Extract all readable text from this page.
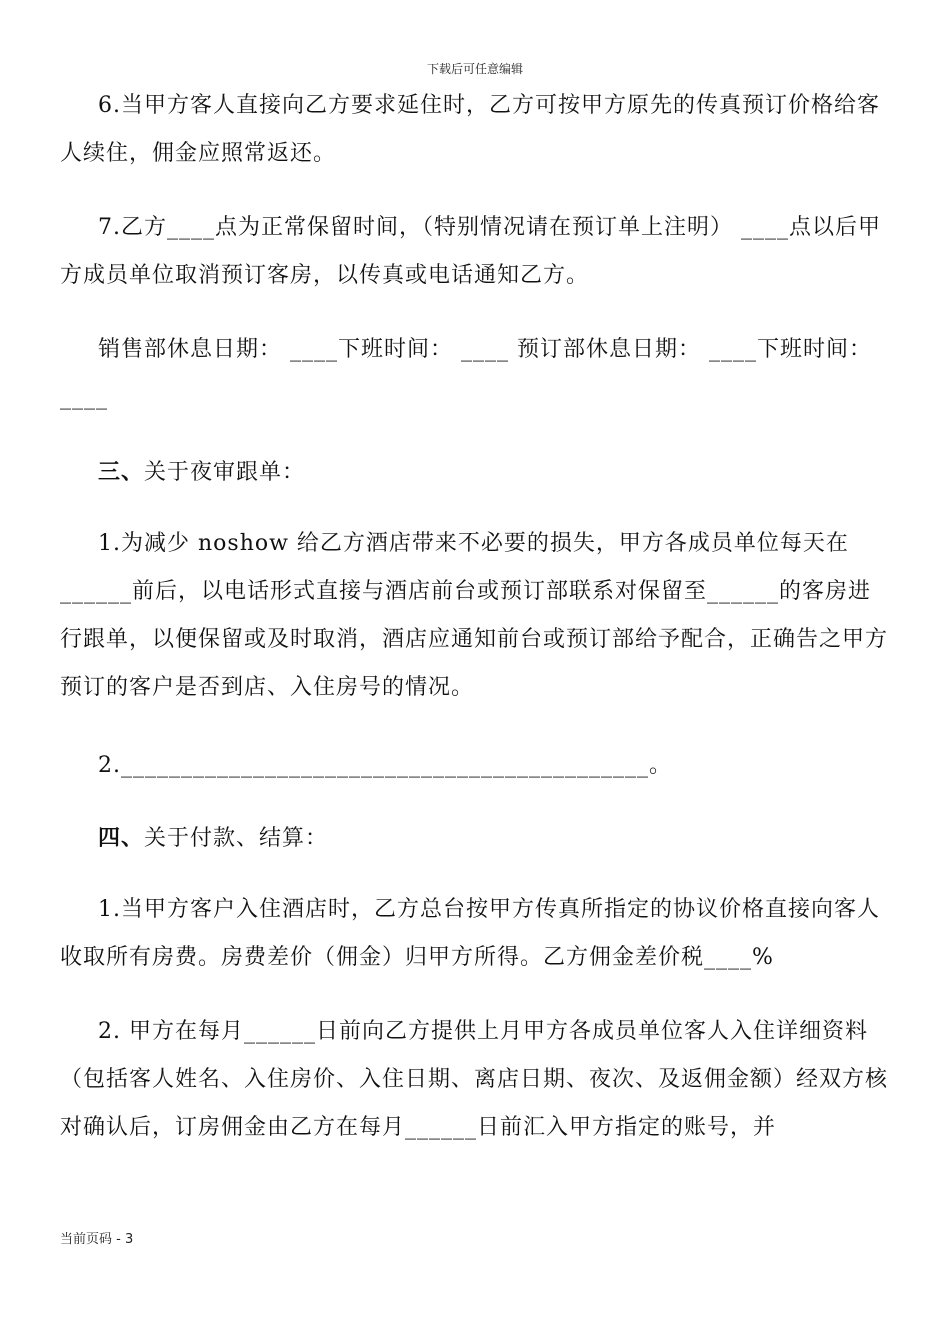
下载后可任意编辑

6.当甲方客人直接向乙方要求延住时，乙方可按甲方原先的传真预订价格给客人续住，佣金应照常返还。

7.乙方____点为正常保留时间，（特别情况请在预订单上注明） ____点以后甲方成员单位取消预订客房，以传真或电话通知乙方。

销售部休息日期： ____下班时间： ____ 预订部休息日期： ____下班时间： ____

三、关于夜审跟单：

1.为减少 noshow 给乙方酒店带来不必要的损失，甲方各成员单位每天在______前后，以电话形式直接与酒店前台或预订部联系对保留至______的客房进行跟单，以便保留或及时取消，酒店应通知前台或预订部给予配合，正确告之甲方预订的客户是否到店、入住房号的情况。

2.____________________________________________。

四、关于付款、结算：

1.当甲方客户入住酒店时，乙方总台按甲方传真所指定的协议价格直接向客人收取所有房费。房费差价（佣金）归甲方所得。乙方佣金差价税____%

2. 甲方在每月______日前向乙方提供上月甲方各成员单位客人入住详细资料（包括客人姓名、入住房价、入住日期、离店日期、夜次、及返佣金额）经双方核对确认后，订房佣金由乙方在每月______日前汇入甲方指定的账号，并

当前页码 - 3
